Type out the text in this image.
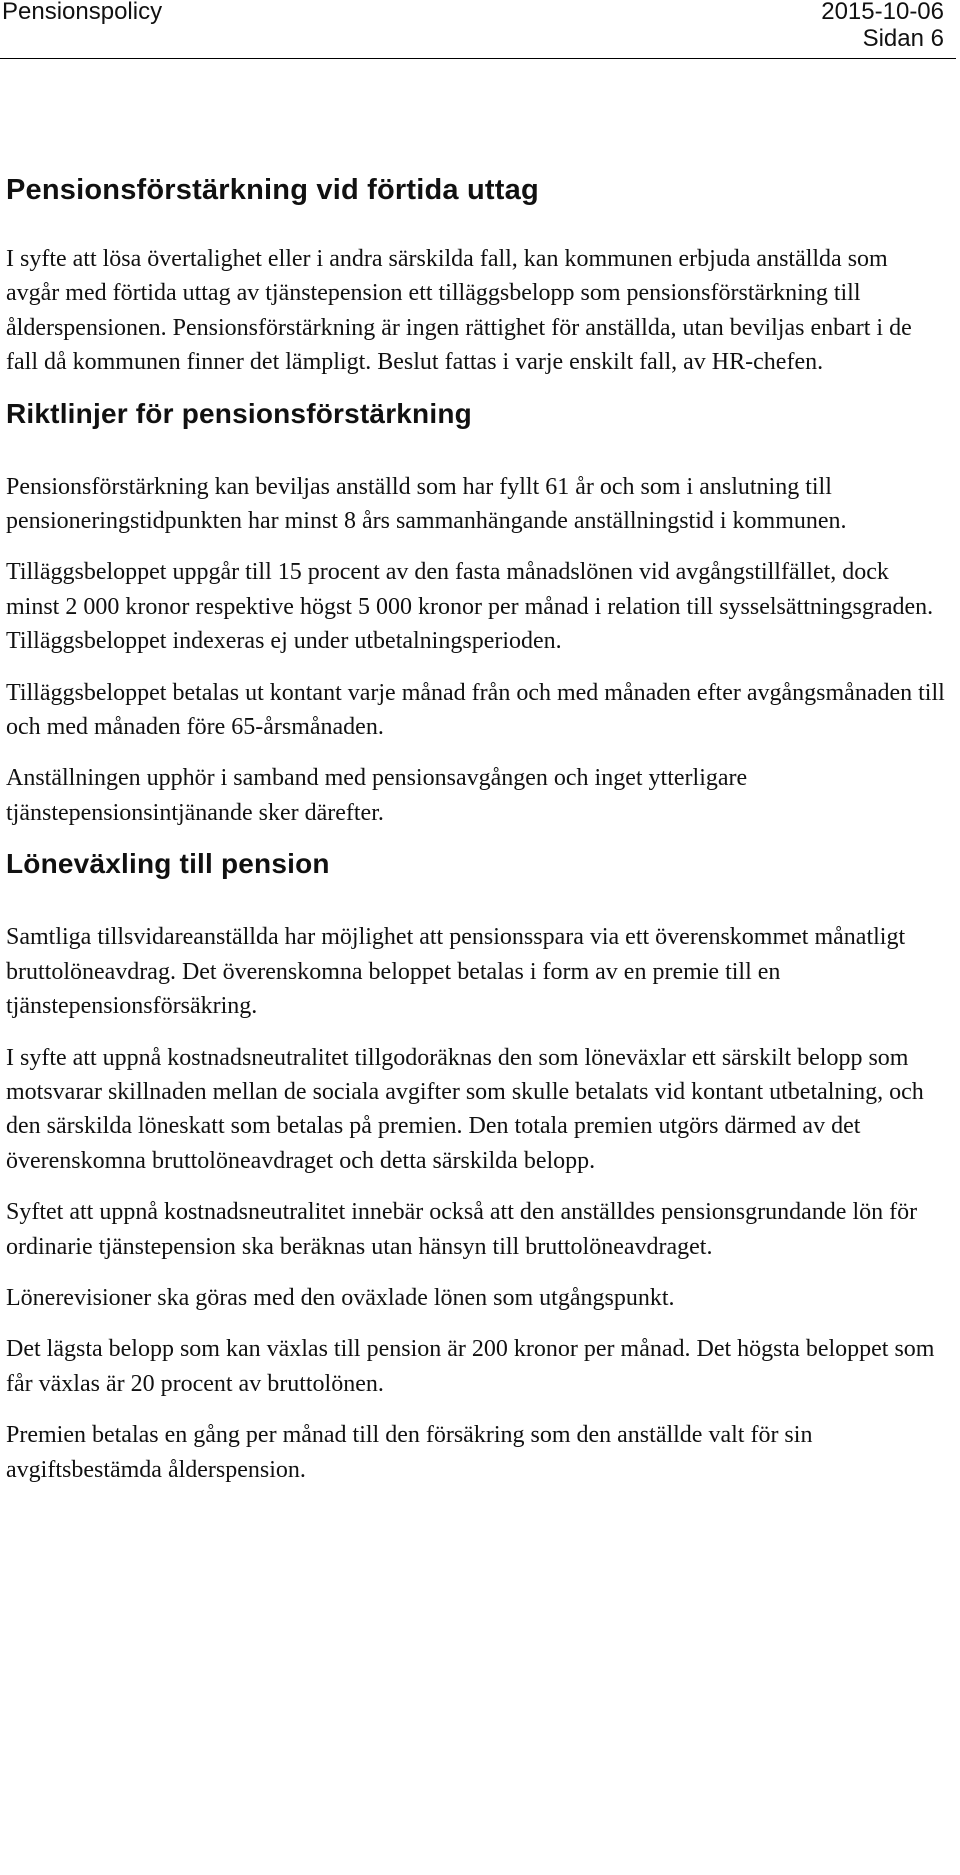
Pensionspolicy	2015-10-06
Sidan 6
Pensionsförstärkning vid förtida uttag

I syfte att lösa övertalighet eller i andra särskilda fall, kan kommunen erbjuda anställda som avgår med förtida uttag av tjänstepension ett tilläggsbelopp som pensionsförstärkning till ålderspensionen. Pensionsförstärkning är ingen rättighet för anställda, utan beviljas enbart i de fall då kommunen finner det lämpligt. Beslut fattas i varje enskilt fall, av HR-chefen.

Riktlinjer för pensionsförstärkning

Pensionsförstärkning kan beviljas anställd som har fyllt 61 år och som i anslutning till pensioneringstidpunkten har minst 8 års sammanhängande anställningstid i kommunen.

Tilläggsbeloppet uppgår till 15 procent av den fasta månadslönen vid avgångstillfället, dock minst 2 000 kronor respektive högst 5 000 kronor per månad i relation till sysselsättningsgraden. Tilläggsbeloppet indexeras ej under utbetalningsperioden.

Tilläggsbeloppet betalas ut kontant varje månad från och med månaden efter avgångsmånaden till och med månaden före 65-årsmånaden.

Anställningen upphör i samband med pensionsavgången och inget ytterligare tjänstepensionsintjänande sker därefter.

Löneväxling till pension

Samtliga tillsvidareanställda har möjlighet att pensionsspara via ett överenskommet månatligt bruttolöneavdrag. Det överenskomna beloppet betalas i form av en premie till en tjänstepensionsförsäkring.

I syfte att uppnå kostnadsneutralitet tillgodoräknas den som löneväxlar ett särskilt belopp som motsvarar skillnaden mellan de sociala avgifter som skulle betalats vid kontant utbetalning, och den särskilda löneskatt som betalas på premien. Den totala premien utgörs därmed av det överenskomna bruttolöneavdraget och detta särskilda belopp.

Syftet att uppnå kostnadsneutralitet innebär också att den anställdes pensionsgrundande lön för ordinarie tjänstepension ska beräknas utan hänsyn till bruttolöneavdraget.

Lönerevisioner ska göras med den oväxlade lönen som utgångspunkt.

Det lägsta belopp som kan växlas till pension är 200 kronor per månad. Det högsta beloppet som får växlas är 20 procent av bruttolönen.

Premien betalas en gång per månad till den försäkring som den anställde valt för sin avgiftsbestämda ålderspension.
